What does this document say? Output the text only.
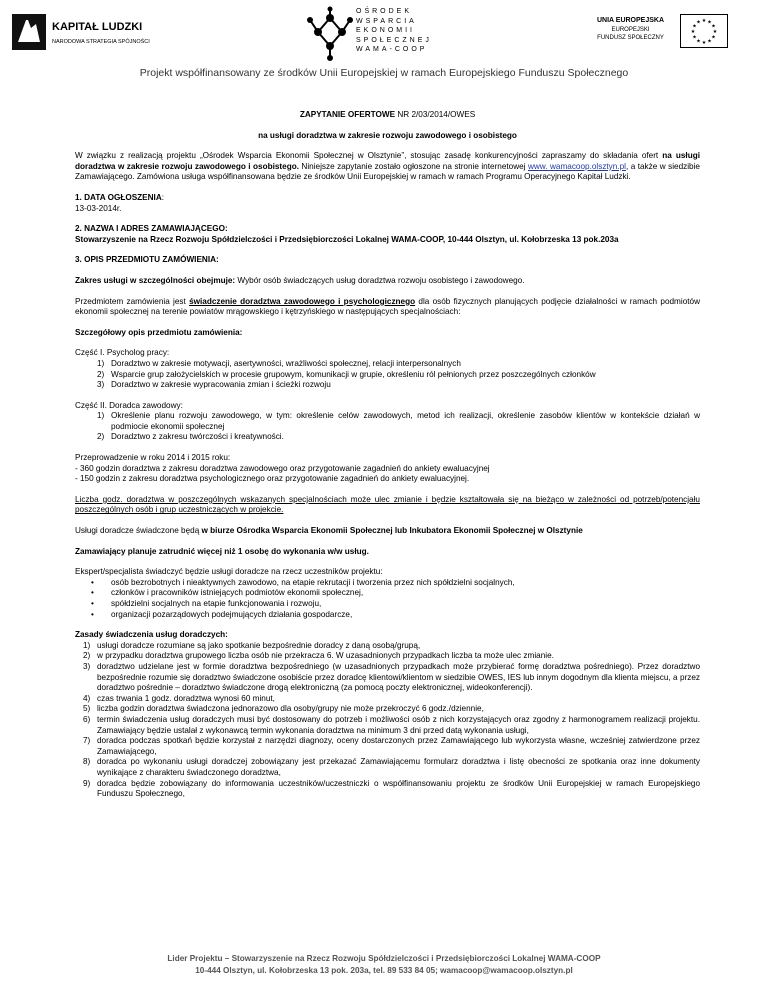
KAPITAŁ LUDZKI
NARODOWA STRATEGIA SPÓJNOŚCI
OŚRODEK
WSPARCIA
EKONOMII
SPOŁECZNEJ
WAMA-COOP
UNIA EUROPEJSKA
EUROPEJSKI
FUNDUSZ SPOŁECZNY
★ ★
★
★
★
★
★
★
★
★
★
★
Projekt współfinansowany ze środków Unii Europejskiej w ramach Europejskiego Funduszu Społecznego

ZAPYTANIE OFERTOWE NR 2/03/2014/OWES

na usługi doradztwa w zakresie rozwoju zawodowego i osobistego

W związku z realizacją projektu „Ośrodek Wsparcia Ekonomii Społecznej w Olsztynie”, stosując zasadę konkurencyjności zapraszamy do składania ofert na usługi doradztwa w zakresie rozwoju zawodowego i osobistego. Niniejsze zapytanie zostało ogłoszone na stronie internetowej www. wamacoop.olsztyn.pl, a także w siedzibie Zamawiającego. Zamówiona usługa współfinansowana będzie ze środków Unii Europejskiej w ramach w ramach Programu Operacyjnego Kapitał Ludzki.

1. DATA OGŁOSZENIA:

13-03-2014r.

2. NAZWA I ADRES ZAMAWIAJĄCEGO:

Stowarzyszenie na Rzecz Rozwoju Spółdzielczości i Przedsiębiorczości Lokalnej WAMA-COOP, 10-444 Olsztyn, ul. Kołobrzeska 13 pok.203a

3. OPIS PRZEDMIOTU ZAMÓWIENIA:

Zakres usługi w szczególności obejmuje: Wybór osób świadczących usług doradztwa rozwoju osobistego i zawodowego.

Przedmiotem zamówienia jest świadczenie doradztwa zawodowego i psychologicznego dla osób fizycznych planujących podjęcie działalności w ramach podmiotów ekonomii społecznej na terenie powiatów mrągowskiego i kętrzyńskiego w następujących specjalnościach:

Szczegółowy opis przedmiotu zamówienia:

Część I. Psycholog pracy:

1) Doradztwo w zakresie motywacji, asertywności, wrażliwości społecznej, relacji interpersonalnych
2) Wsparcie grup założycielskich w procesie grupowym, komunikacji w grupie, określeniu ról pełnionych przez poszczególnych członków
3) Doradztwo w zakresie wypracowania zmian i ścieżki rozwoju

Część II. Doradca zawodowy:

1) Określenie planu rozwoju zawodowego, w tym: określenie celów zawodowych, metod ich realizacji, określenie zasobów klientów w kontekście działań w podmiocie ekonomii społecznej
2) Doradztwo z zakresu twórczości i kreatywności.

Przeprowadzenie w roku 2014 i 2015 roku:

- 360 godzin doradztwa z zakresu doradztwa zawodowego oraz przygotowanie zagadnień do ankiety ewaluacyjnej

- 150 godzin z zakresu doradztwa psychologicznego oraz przygotowanie zagadnień do ankiety ewaluacyjnej.

Liczba godz. doradztwa w poszczególnych wskazanych specjalnościach może ulec zmianie i będzie kształtowała się na bieżąco w zależności od potrzeb/potencjału poszczególnych osób i grup uczestniczących w projekcie.

Usługi doradcze świadczone będą w biurze Ośrodka Wsparcia Ekonomii Społecznej lub Inkubatora Ekonomii Społecznej w Olsztynie

Zamawiający planuje zatrudnić więcej niż 1 osobę do wykonania w/w usług.

Ekspert/specjalista świadczyć będzie usługi doradcze na rzecz uczestników projektu:

• osób bezrobotnych i nieaktywnych zawodowo, na etapie rekrutacji i tworzenia przez nich spółdzielni socjalnych,
• członków i pracowników istniejących podmiotów ekonomii społecznej,
• spółdzielni socjalnych na etapie funkcjonowania i rozwoju,
• organizacji pozarządowych podejmujących działania gospodarcze,

Zasady świadczenia usług doradczych:

1) usługi doradcze rozumiane są jako spotkanie bezpośrednie doradcy z daną osobą/grupą,
2) w przypadku doradztwa grupowego liczba osób nie przekracza 6. W uzasadnionych przypadkach liczba ta może ulec zmianie.
3) doradztwo udzielane jest w formie doradztwa bezpośredniego (w uzasadnionych przypadkach może przybierać formę doradztwa pośredniego). Przez doradztwo bezpośrednie rozumie się doradztwo świadczone osobiście przez doradcę klientowi/klientom w siedzibie OWES, IES lub innym dogodnym dla klienta miejscu, a przez doradztwo pośrednie – doradztwo świadczone drogą elektroniczną (za pomocą poczty elektronicznej, wideokonferencji).
4) czas trwania 1 godz. doradztwa wynosi 60 minut,
5) liczba godzin doradztwa świadczona jednorazowo dla osoby/grupy nie może przekroczyć 6 godz./dziennie,
6) termin świadczenia usług doradczych musi być dostosowany do potrzeb i możliwości osób z nich korzystających oraz zgodny z harmonogramem realizacji projektu. Zamawiający będzie ustalał z wykonawcą termin wykonania doradztwa na minimum 3 dni przed datą wykonania usługi,
7) doradca podczas spotkań będzie korzystał z narzędzi diagnozy, oceny dostarczonych przez Zamawiającego lub wykorzysta własne, wcześniej zatwierdzone przez Zamawiającego,
8) doradca po wykonaniu usługi doradczej zobowiązany jest przekazać Zamawiającemu formularz doradztwa i listę obecności ze spotkania oraz inne dokumenty wynikające z charakteru świadczonego doradztwa,
9) doradca będzie zobowiązany do informowania uczestników/uczestniczki o współfinansowaniu projektu ze środków Unii Europejskiej w ramach Europejskiego Funduszu Społecznego,
Lider Projektu – Stowarzyszenie na Rzecz Rozwoju Spółdzielczości i Przedsiębiorczości Lokalnej WAMA-COOP
10-444 Olsztyn, ul. Kołobrzeska 13 pok. 203a, tel. 89 533 84 05; wamacoop@wamacoop.olsztyn.pl
